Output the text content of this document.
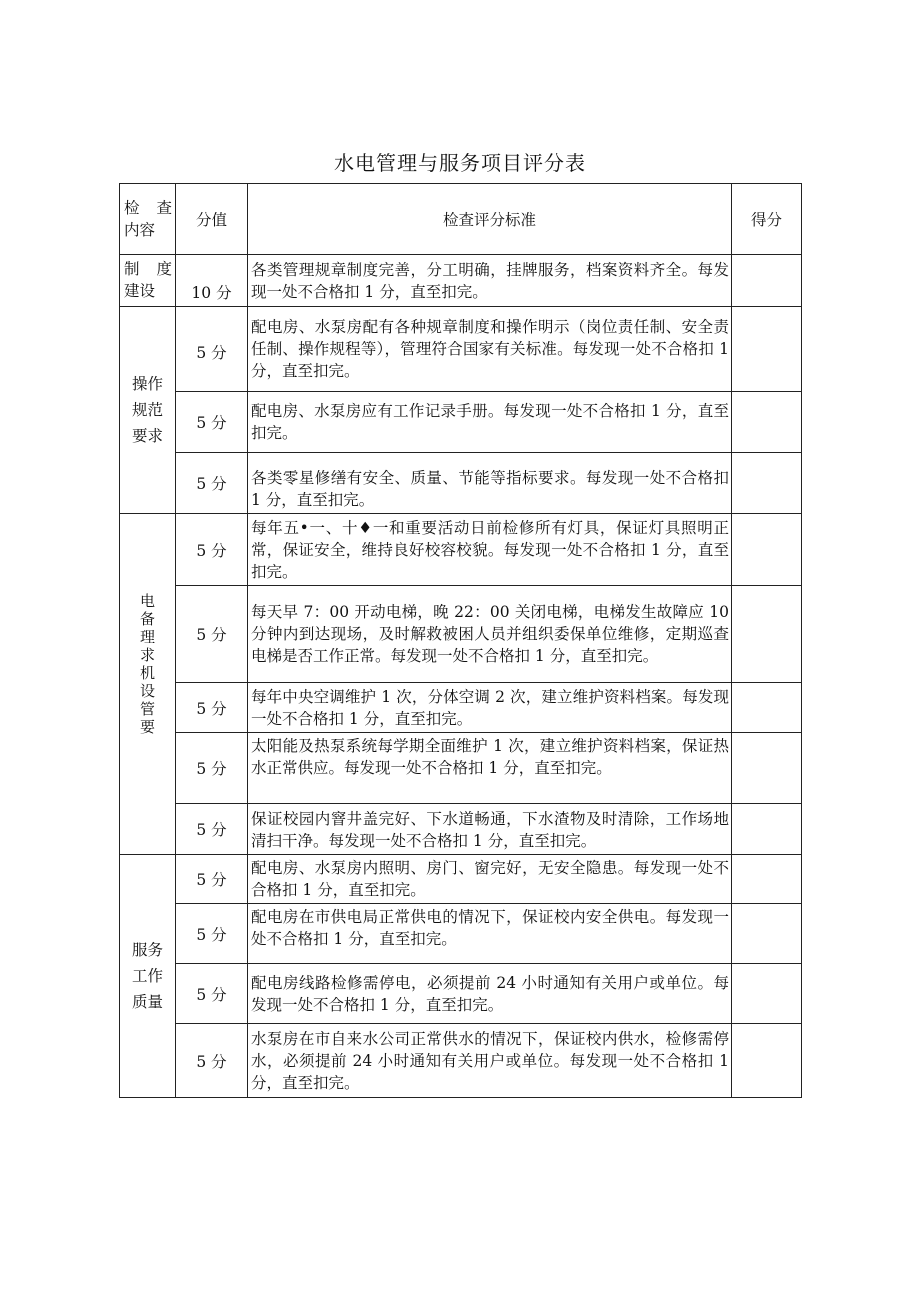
水电管理与服务项目评分表
检 查
内容	分值	检查评分标准	得分

制 度
建设	10 分	各类管理规章制度完善，分工明确，挂牌服务，档案资料齐全。每发现一处不合格扣 1 分，直至扣完。	

操作
规范
要求	5 分	配电房、水泵房配有各种规章制度和操作明示（岗位责任制、安全责任制、操作规程等），管理符合国家有关标准。每发现一处不合格扣 1 分，直至扣完。	
	5 分	配电房、水泵房应有工作记录手册。每发现一处不合格扣 1 分，直至扣完。	
	5 分	各类零星修缮有安全、质量、节能等指标要求。每发现一处不合格扣 1 分，直至扣完。	
电备理求机设管要	5 分	每年五•一、十♦一和重要活动日前检修所有灯具，保证灯具照明正常，保证安全，维持良好校容校貌。每发现一处不合格扣 1 分，直至扣完。	
	5 分	每天早 7：00 开动电梯，晚 22：00 关闭电梯，电梯发生故障应 10 分钟内到达现场，及时解救被困人员并组织委保单位维修，定期巡查电梯是否工作正常。每发现一处不合格扣 1 分，直至扣完。	
	5 分	每年中央空调维护 1 次，分体空调 2 次，建立维护资料档案。每发现一处不合格扣 1 分，直至扣完。	
	5 分	太阳能及热泵系统每学期全面维护 1 次，建立维护资料档案，保证热水正常供应。每发现一处不合格扣 1 分，直至扣完。	
	5 分	保证校园内窨井盖完好、下水道畅通，下水渣物及时清除，工作场地清扫干净。每发现一处不合格扣 1 分，直至扣完。	

服务
工作
质量	5 分	配电房、水泵房内照明、房门、窗完好，无安全隐患。每发现一处不合格扣 1 分，直至扣完。	
	5 分	配电房在市供电局正常供电的情况下，保证校内安全供电。每发现一处不合格扣 1 分，直至扣完。	
	5 分	配电房线路检修需停电，必须提前 24 小时通知有关用户或单位。每发现一处不合格扣 1 分，直至扣完。	
	5 分	水泵房在市自来水公司正常供水的情况下，保证校内供水，检修需停水，必须提前 24 小时通知有关用户或单位。每发现一处不合格扣 1 分，直至扣完。	
